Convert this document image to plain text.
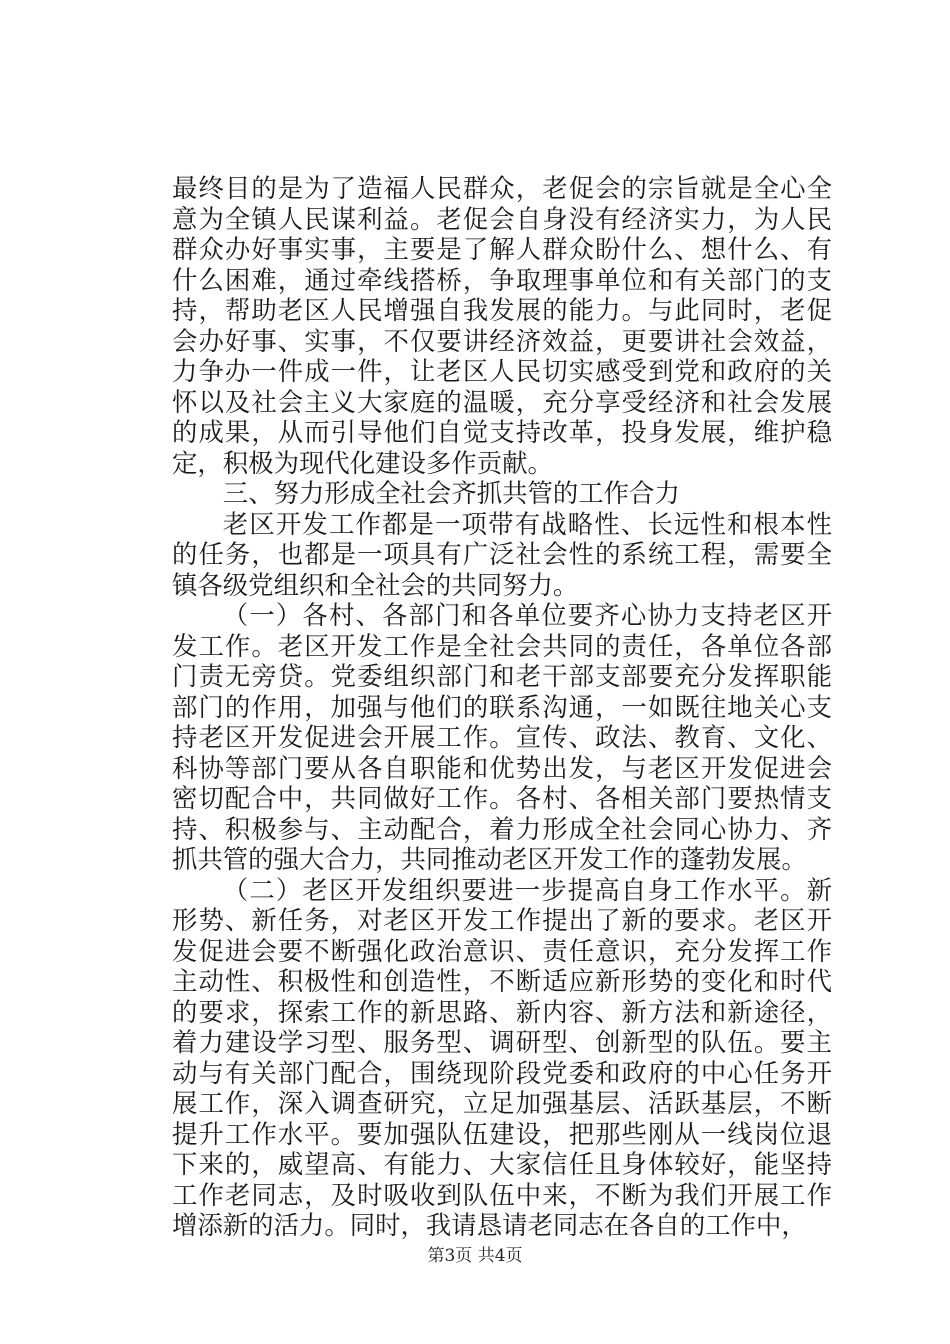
最终目的是为了造福人民群众，老促会的宗旨就是全心全意为全镇人民谋利益。老促会自身没有经济实力，为人民群众办好事实事，主要是了解人群众盼什么、想什么、有什么困难，通过牵线搭桥，争取理事单位和有关部门的支持，帮助老区人民增强自我发展的能力。与此同时，老促会办好事、实事，不仅要讲经济效益，更要讲社会效益，力争办一件成一件，让老区人民切实感受到党和政府的关怀以及社会主义大家庭的温暖，充分享受经济和社会发展的成果，从而引导他们自觉支持改革，投身发展，维护稳定，积极为现代化建设多作贡献。

三、努力形成全社会齐抓共管的工作合力

老区开发工作都是一项带有战略性、长远性和根本性的任务，也都是一项具有广泛社会性的系统工程，需要全镇各级党组织和全社会的共同努力。

（一）各村、各部门和各单位要齐心协力支持老区开发工作。老区开发工作是全社会共同的责任，各单位各部门责无旁贷。党委组织部门和老干部支部要充分发挥职能部门的作用，加强与他们的联系沟通，一如既往地关心支持老区开发促进会开展工作。宣传、政法、教育、文化、科协等部门要从各自职能和优势出发，与老区开发促进会密切配合中，共同做好工作。各村、各相关部门要热情支持、积极参与、主动配合，着力形成全社会同心协力、齐抓共管的强大合力，共同推动老区开发工作的蓬勃发展。

（二）老区开发组织要进一步提高自身工作水平。新形势、新任务，对老区开发工作提出了新的要求。老区开发促进会要不断强化政治意识、责任意识，充分发挥工作主动性、积极性和创造性，不断适应新形势的变化和时代的要求，探索工作的新思路、新内容、新方法和新途径，着力建设学习型、服务型、调研型、创新型的队伍。要主动与有关部门配合，围绕现阶段党委和政府的中心任务开展工作，深入调查研究，立足加强基层、活跃基层，不断提升工作水平。要加强队伍建设，把那些刚从一线岗位退下来的，威望高、有能力、大家信任且身体较好，能坚持工作老同志，及时吸收到队伍中来，不断为我们开展工作增添新的活力。同时，我请恳请老同志在各自的工作中，

第3页 共4页
